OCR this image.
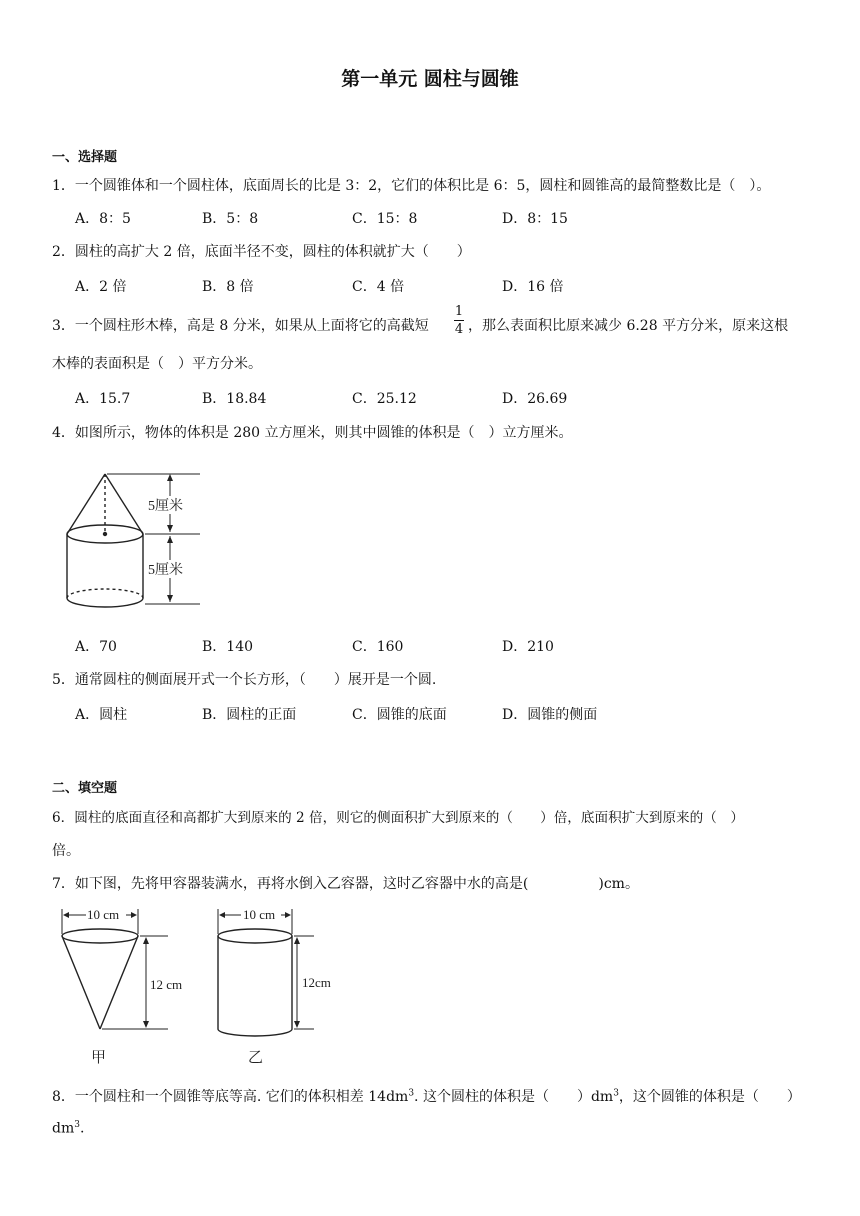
第一单元 圆柱与圆锥
一、选择题
1．一个圆锥体和一个圆柱体，底面周长的比是 3：2，它们的体积比是 6：5，圆柱和圆锥高的最简整数比是（　）。
A．8：5	B．5：8	C．15：8	D．8：15
2．圆柱的高扩大 2 倍，底面半径不变，圆柱的体积就扩大（　　）
A．2 倍	B．8 倍	C．4 倍	D．16 倍
3．一个圆柱形木棒，高是 8 分米，如果从上面将它的高截短
1
4 ，那么表面积比原来减少 6.28 平方分米，原来这根
木棒的表面积是（　）平方分米。
A．15.7	B．18.84	C．25.12	D．26.69
4．如图所示，物体的体积是 280 立方厘米，则其中圆锥的体积是（　）立方厘米。
5厘米
5厘米
A．70	B．140	C．160	D．210
5．通常圆柱的侧面展开式一个长方形，（　　）展开是一个圆.
A．圆柱	B．圆柱的正面	C．圆锥的底面	D．圆锥的侧面
二、填空题
6．圆柱的底面直径和高都扩大到原来的 2 倍，则它的侧面积扩大到原来的（　　）倍，底面积扩大到原来的（　）
倍。
7．如下图，先将甲容器装满水，再将水倒入乙容器，这时乙容器中水的高是(　　　　　)cm。
10 cm
12 cm
甲
10 cm
12cm
乙
8．一个圆柱和一个圆锥等底等高. 它们的体积相差 $14dm^3$. 这个圆柱的体积是（　　）$dm^3$，这个圆锥的体积是（　　）
$dm^3$.
